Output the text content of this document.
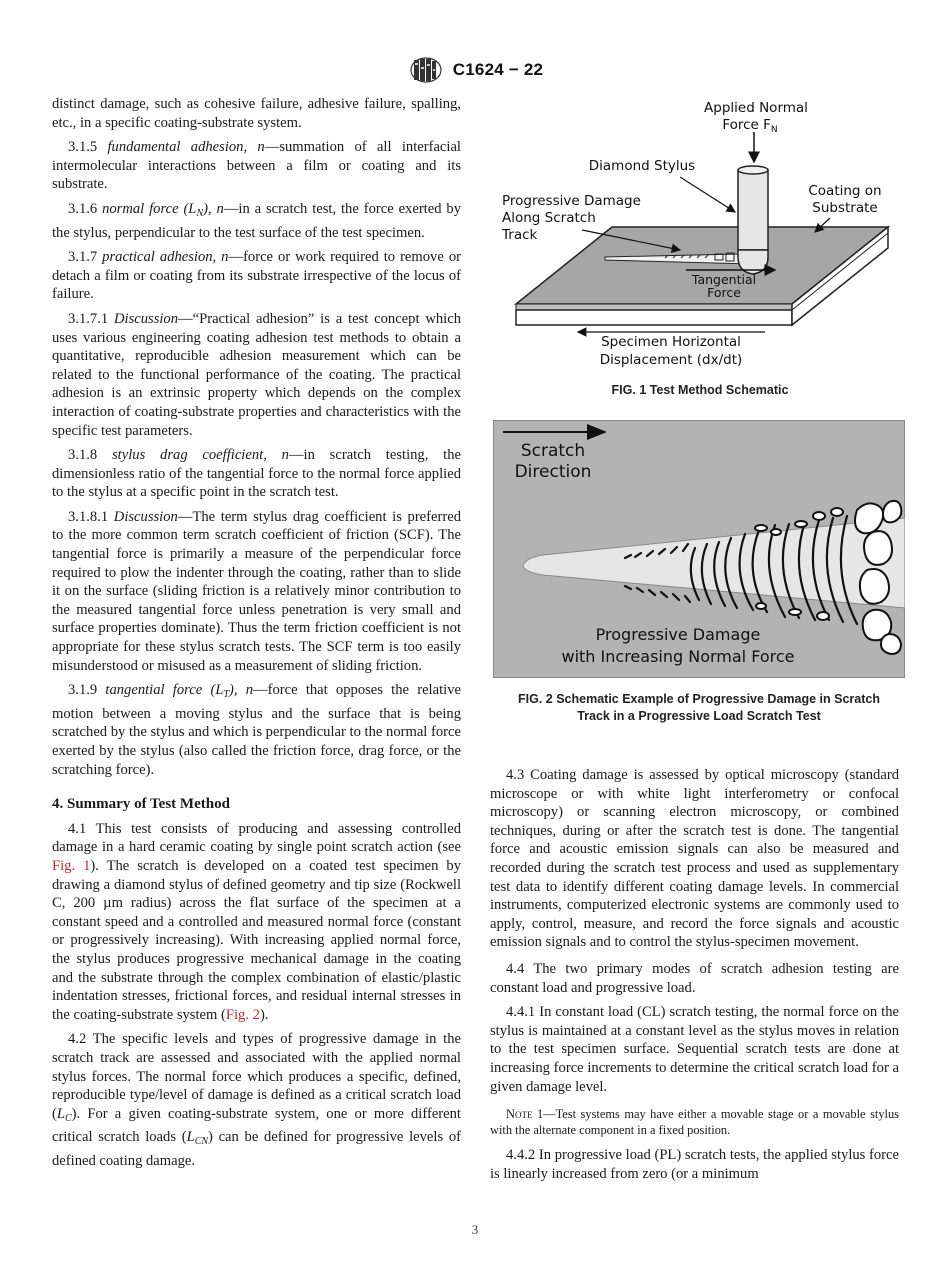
C1624 − 22

distinct damage, such as cohesive failure, adhesive failure, spalling, etc., in a specific coating-substrate system.

3.1.5 fundamental adhesion, n—summation of all interfacial intermolecular interactions between a film or coating and its substrate.

3.1.6 normal force $(L_N)$, n—in a scratch test, the force exerted by the stylus, perpendicular to the test surface of the test specimen.

3.1.7 practical adhesion, n—force or work required to remove or detach a film or coating from its substrate irrespective of the locus of failure.

3.1.7.1 Discussion—“Practical adhesion” is a test concept which uses various engineering coating adhesion test methods to obtain a quantitative, reproducible adhesion measurement which can be related to the functional performance of the coating. The practical adhesion is an extrinsic property which depends on the complex interaction of coating-substrate properties and characteristics with the specific test parameters.

3.1.8 stylus drag coefficient, n—in scratch testing, the dimensionless ratio of the tangential force to the normal force applied to the stylus at a specific point in the scratch test.

3.1.8.1 Discussion—The term stylus drag coefficient is preferred to the more common term scratch coefficient of friction (SCF). The tangential force is primarily a measure of the perpendicular force required to plow the indenter through the coating, rather than to slide it on the surface (sliding friction is a relatively minor contribution to the measured tangential force unless penetration is very small and surface properties dominate). Thus the term friction coefficient is not appropriate for these stylus scratch tests. The SCF term is too easily misunderstood or misused as a measurement of sliding friction.

3.1.9 tangential force $(L_T)$, n—force that opposes the relative motion between a moving stylus and the surface that is being scratched by the stylus and which is perpendicular to the normal force exerted by the stylus (also called the friction force, drag force, or the scratching force).

4. Summary of Test Method

4.1 This test consists of producing and assessing controlled damage in a hard ceramic coating by single point scratch action (see Fig. 1). The scratch is developed on a coated test specimen by drawing a diamond stylus of defined geometry and tip size (Rockwell C, 200 µm radius) across the flat surface of the specimen at a constant speed and a controlled and measured normal force (constant or progressively increasing). With increasing applied normal force, the stylus produces progressive mechanical damage in the coating and the substrate through the complex combination of elastic/plastic indentation stresses, frictional forces, and residual internal stresses in the coating-substrate system (Fig. 2).

4.2 The specific levels and types of progressive damage in the scratch track are assessed and associated with the applied normal stylus forces. The normal force which produces a specific, defined, reproducible type/level of damage is defined as a critical scratch load $(L_C)$. For a given coating-substrate system, one or more different critical scratch loads $(L_{CN})$ can be defined for progressive levels of defined coating damage.

Applied Normal
Force $F_N$
Diamond Stylus
Coating on
Substrate
Progressive Damage
Along Scratch
Track
Tangential
Force
Specimen Horizontal
Displacement (dx/dt)
FIG. 1 Test Method Schematic
Scratch
Direction
Progressive Damage
with Increasing Normal Force
FIG. 2 Schematic Example of Progressive Damage in Scratch
Track in a Progressive Load Scratch Test

4.3 Coating damage is assessed by optical microscopy (standard microscope or with white light interferometry or confocal microscopy) or scanning electron microscopy, or combined techniques, during or after the scratch test is done. The tangential force and acoustic emission signals can also be measured and recorded during the scratch test process and used as supplementary test data to identify different coating damage levels. In commercial instruments, computerized electronic systems are commonly used to apply, control, measure, and record the force signals and acoustic emission signals and to control the stylus-specimen movement.

4.4 The two primary modes of scratch adhesion testing are constant load and progressive load.

4.4.1 In constant load (CL) scratch testing, the normal force on the stylus is maintained at a constant level as the stylus moves in relation to the test specimen surface. Sequential scratch tests are done at increasing force increments to determine the critical scratch load for a given damage level.

Note 1—Test systems may have either a movable stage or a movable stylus with the alternate component in a fixed position.

4.4.2 In progressive load (PL) scratch tests, the applied stylus force is linearly increased from zero (or a minimum

3
